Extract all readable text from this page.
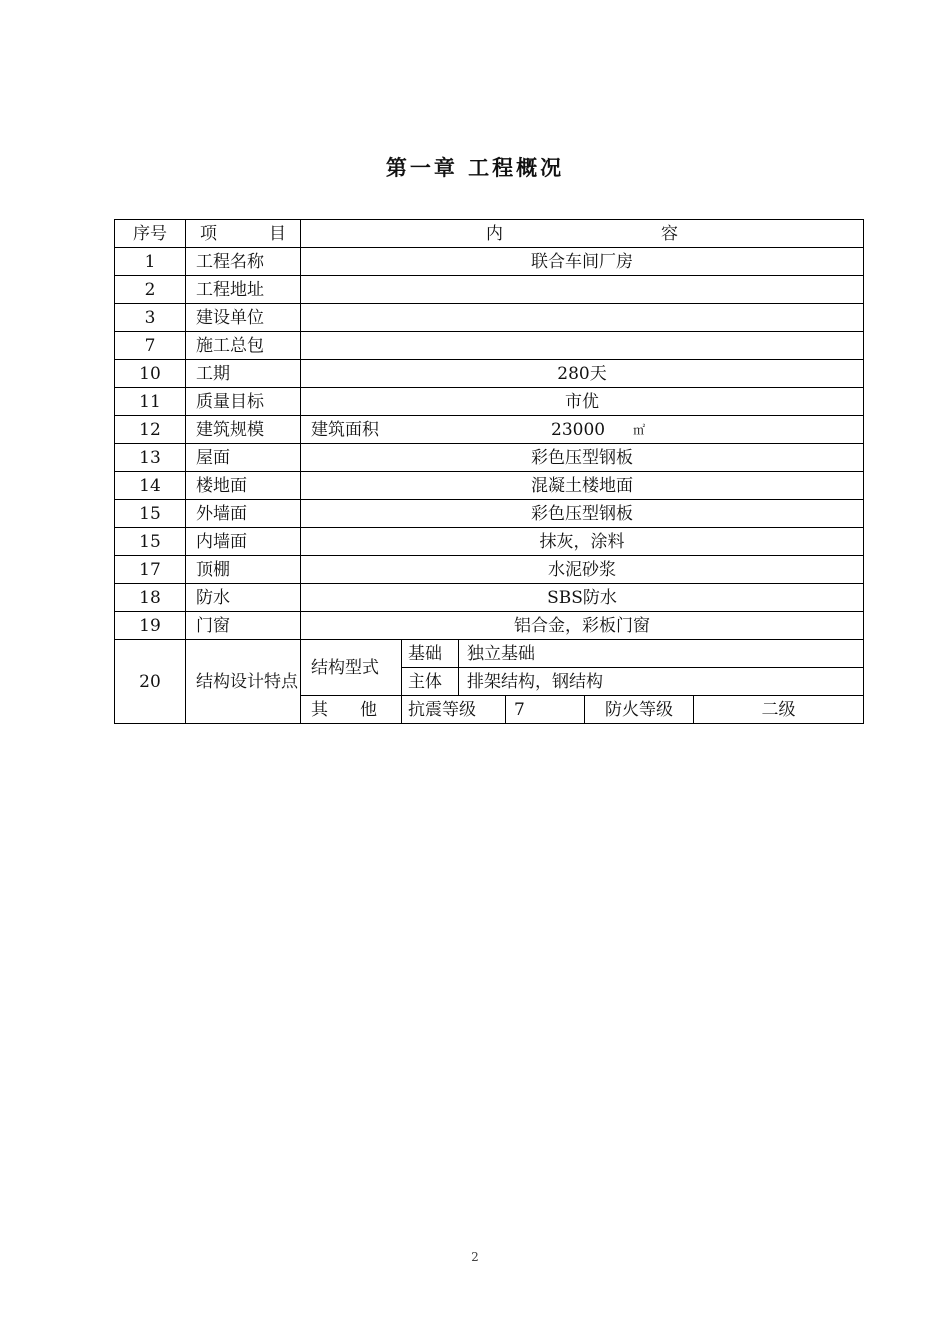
第一章 工程概况
序号	项 目	内 容					

1	工程名称	联合车间厂房					
2	工程地址						
3	建设单位						
7	施工总包						
10	工期	280天					
11	质量目标	市优					
12	建筑规模	建筑面积 23000 ㎡					

13	屋面	彩色压型钢板					
14	楼地面	混凝土楼地面					
15	外墙面	彩色压型钢板					
15	内墙面	抹灰，涂料					
17	顶棚	水泥砂浆					
18	防水	SBS防水					
19	门窗	铝合金，彩板门窗					
20	结构设计特点	结构型式	基础	独立基础			
			主体	排架结构，钢结构			
		其 他	抗震等级		7	防火等级	二级
2
